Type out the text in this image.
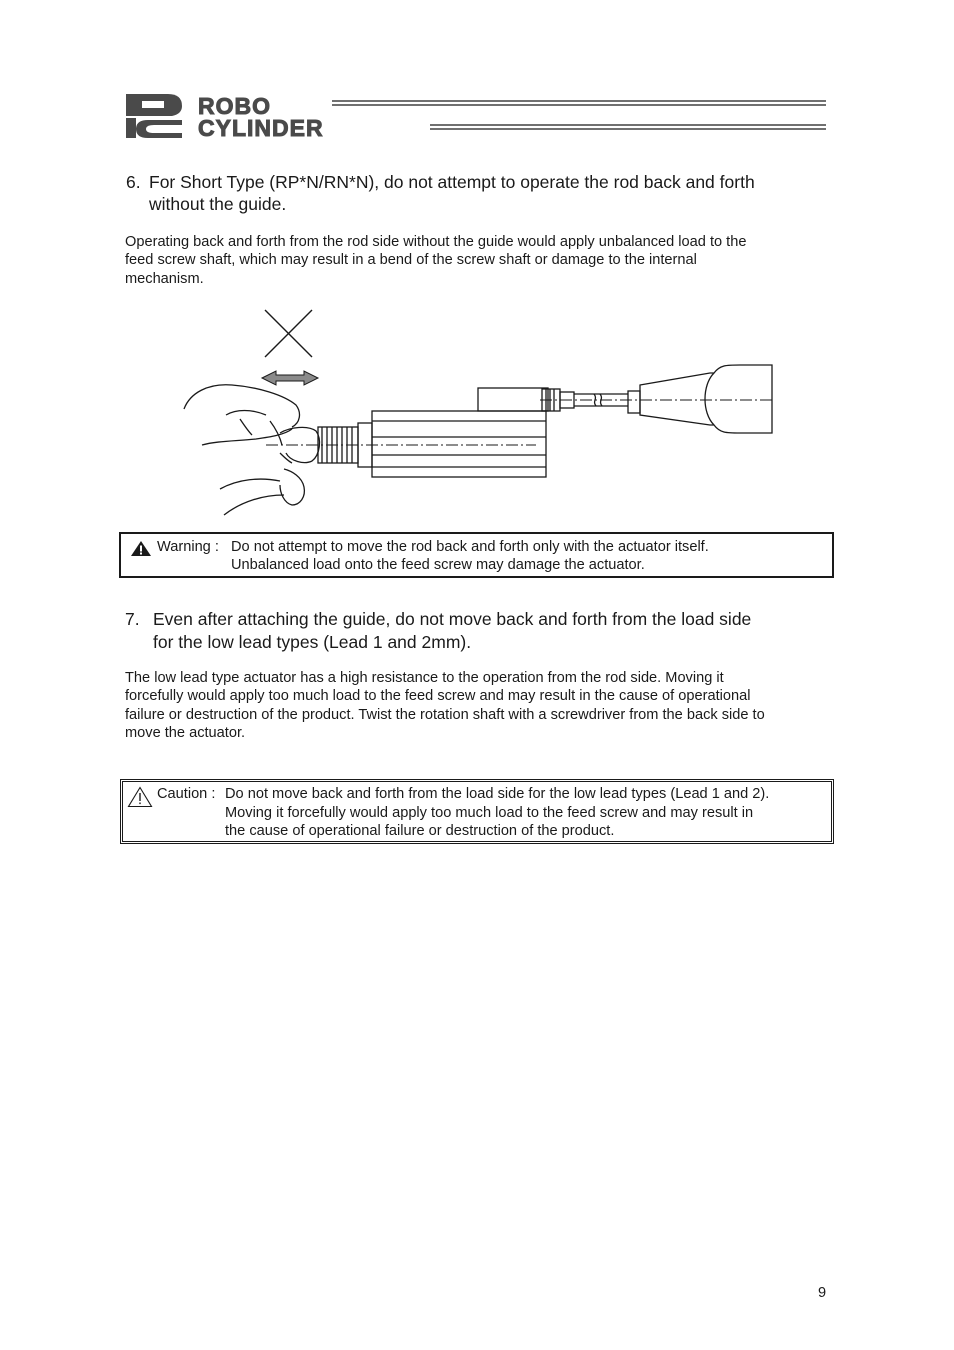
ROBO
CYLINDER
6. For Short Type (RP*N/RN*N), do not attempt to operate the rod back and forth
without the guide.
Operating back and forth from the rod side without the guide would apply unbalanced load to the
feed screw shaft, which may result in a bend of the screw shaft or damage to the internal
mechanism.
Warning : Do not attempt to move the rod back and forth only with the actuator itself.
Unbalanced load onto the feed screw may damage the actuator.
7. Even after attaching the guide, do not move back and forth from the load side
for the low lead types (Lead 1 and 2mm).
The low lead type actuator has a high resistance to the operation from the rod side. Moving it
forcefully would apply too much load to the feed screw and may result in the cause of operational
failure or destruction of the product. Twist the rotation shaft with a screwdriver from the back side to
move the actuator.
Caution : Do not move back and forth from the load side for the low lead types (Lead 1 and 2).
Moving it forcefully would apply too much load to the feed screw and may result in
the cause of operational failure or destruction of the product.
9
